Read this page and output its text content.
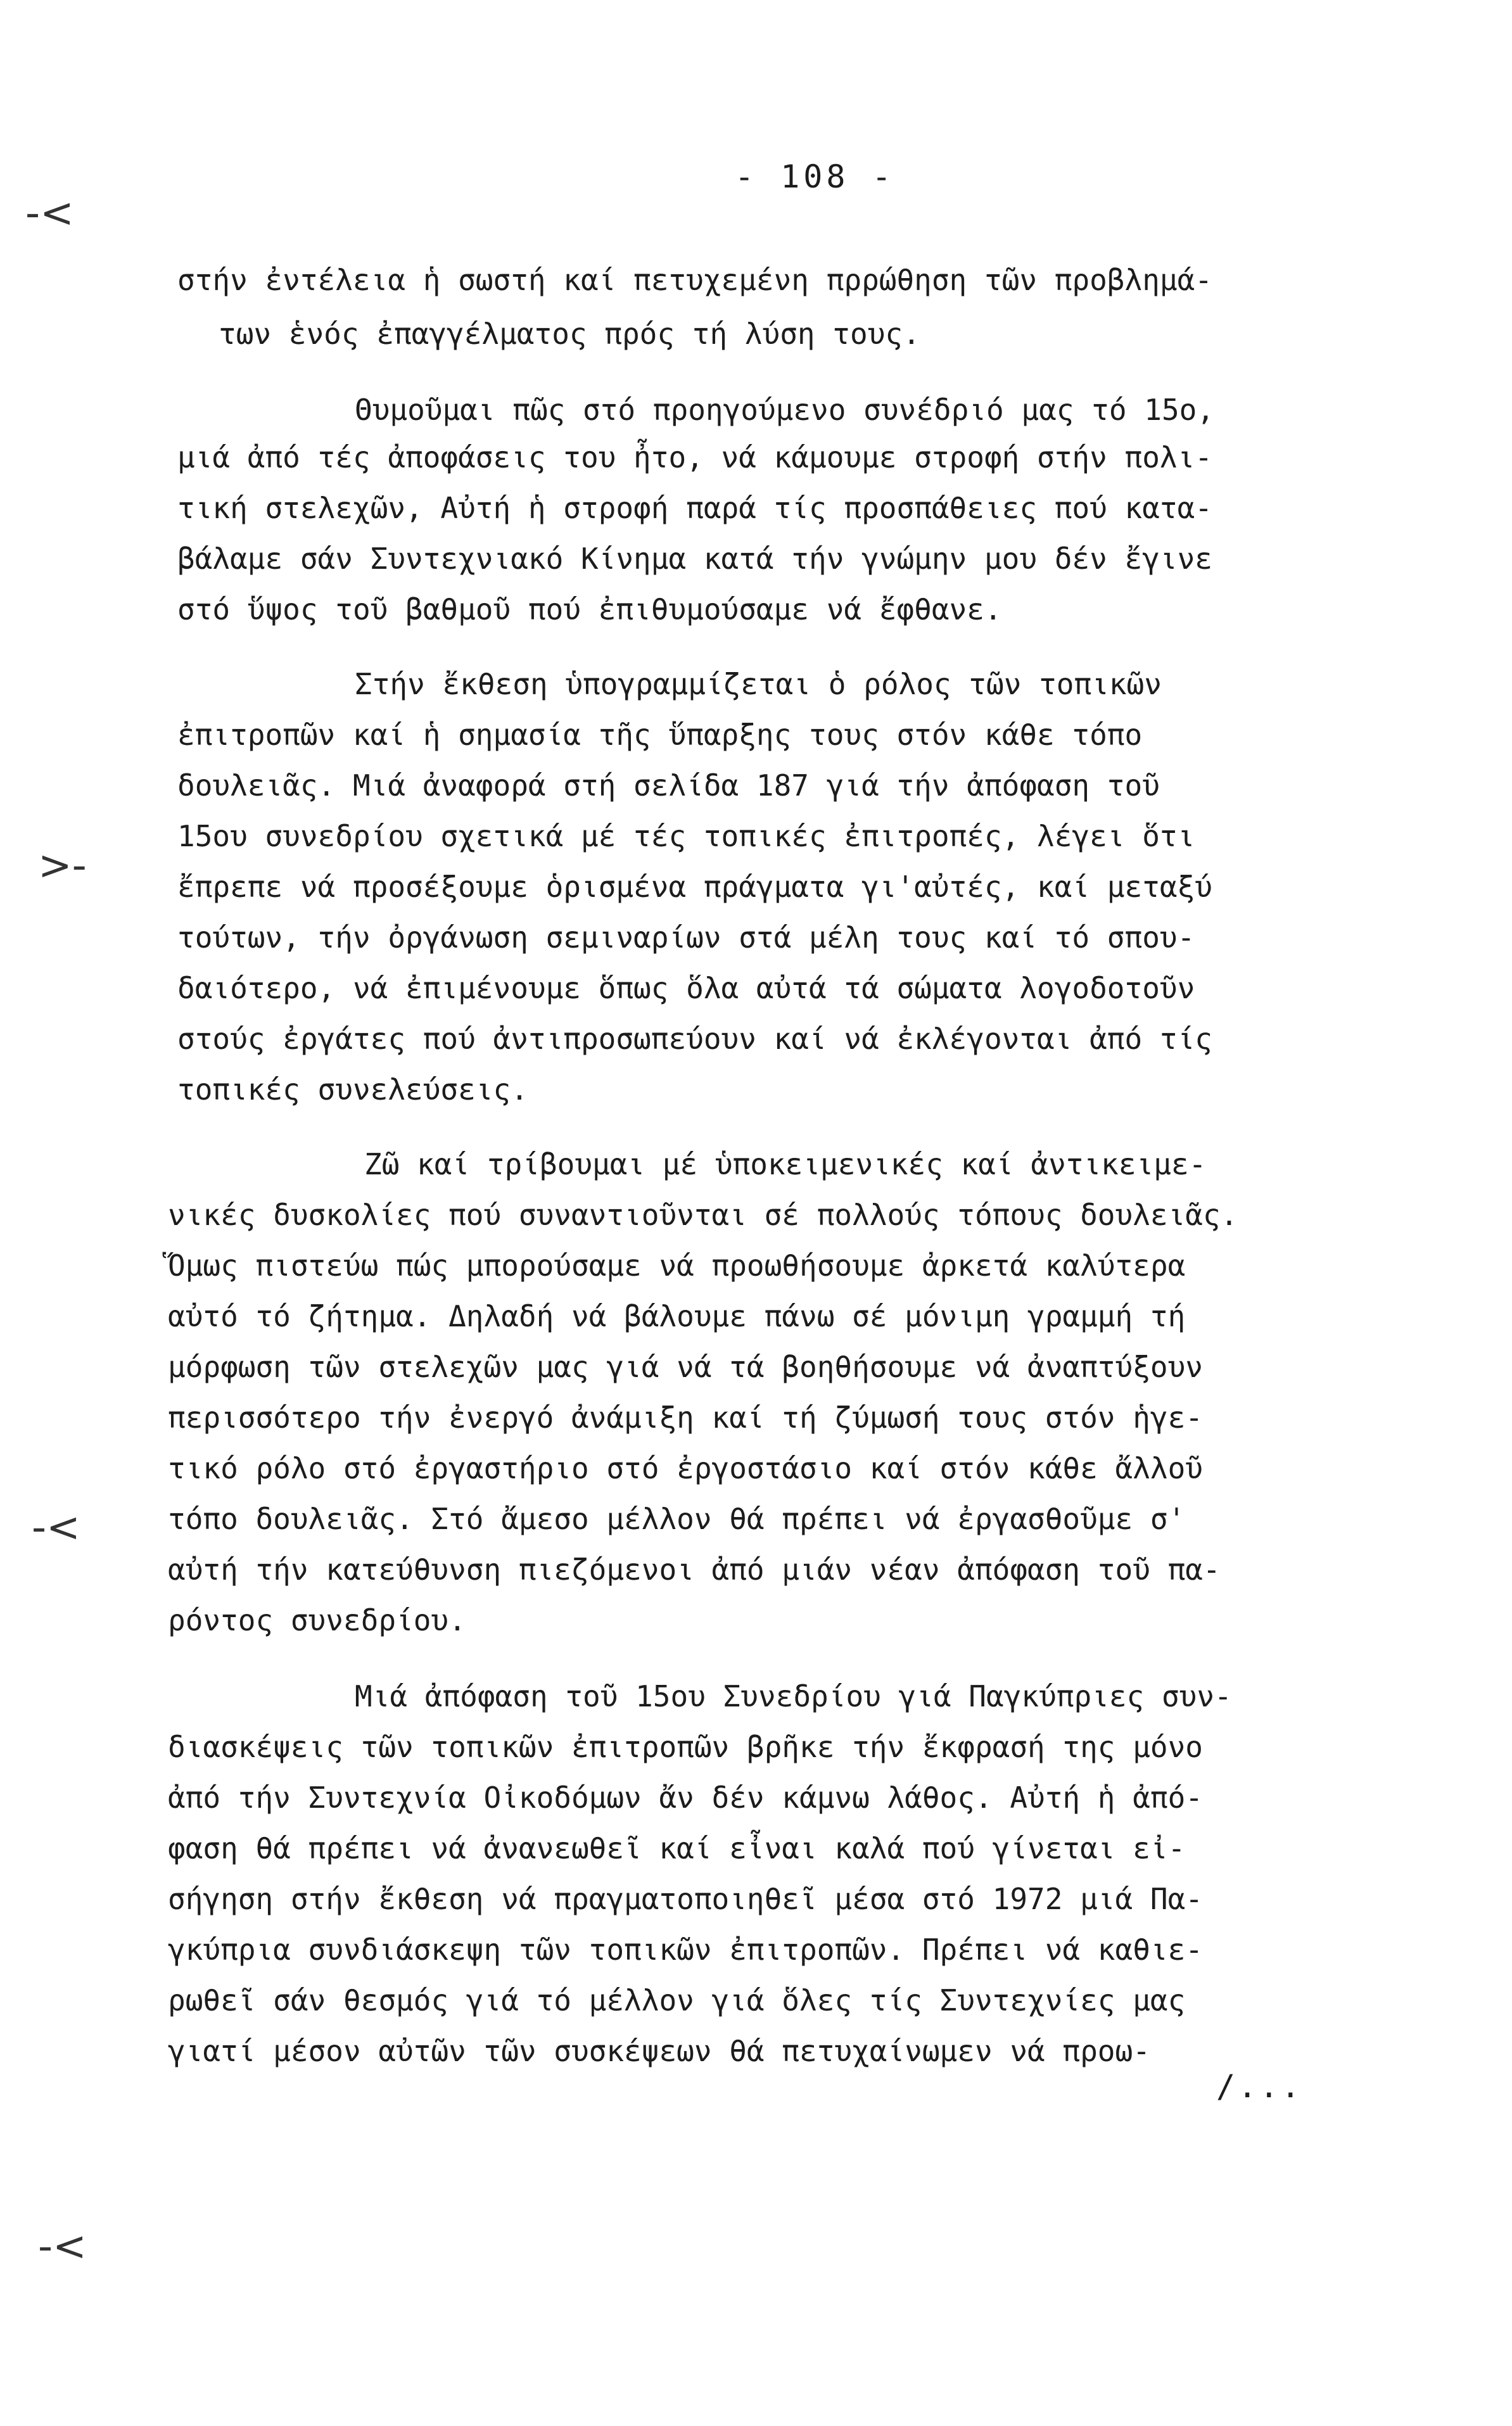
- 108 -
στήν ἐντέλεια ἡ σωστή καί πετυχεμένη πρρώθηση τῶν προβλημά-
των ἑνός ἐπαγγέλματος πρός τή λύση τους.
Θυμοῦμαι πῶς στό προηγούμενο συνέδριό μας τό 15ο,
μιά ἀπό τές ἀποφάσεις του ἦτο, νά κάμουμε στροφή στήν πολι-
τική στελεχῶν, Αὐτή ἡ στροφή παρά τίς προσπάθειες πού κατα-
βάλαμε σάν Συντεχνιακό Κίνημα κατά τήν γνώμην μου δέν ἔγινε
στό ὕψος τοῦ βαθμοῦ πού ἐπιθυμούσαμε νά ἔφθανε.
Στήν ἔκθεση ὑπογραμμίζεται ὁ ρόλος τῶν τοπικῶν
ἐπιτροπῶν καί ἡ σημασία τῆς ὕπαρξης τους στόν κάθε τόπο
δουλειᾶς. Μιά ἀναφορά στή σελίδα 187 γιά τήν ἀπόφαση τοῦ
15ου συνεδρίου σχετικά μέ τές τοπικές ἐπιτροπές, λέγει ὅτι
ἔπρεπε νά προσέξουμε ὁρισμένα πράγματα γι'αὐτές, καί μεταξύ
τούτων, τήν ὀργάνωση σεμιναρίων στά μέλη τους καί τό σπου-
δαιότερο, νά ἐπιμένουμε ὅπως ὅλα αὐτά τά σώματα λογοδοτοῦν
στούς ἐργάτες πού ἀντιπροσωπεύουν καί νά ἐκλέγονται ἀπό τίς
τοπικές συνελεύσεις.
Ζῶ καί τρίβουμαι μέ ὑποκειμενικές καί ἀντικειμε-
νικές δυσκολίες πού συναντιοῦνται σέ πολλούς τόπους δουλειᾶς.
Ὅμως πιστεύω πώς μπορούσαμε νά προωθήσουμε ἀρκετά καλύτερα
αὐτό τό ζήτημα. Δηλαδή νά βάλουμε πάνω σέ μόνιμη γραμμή τή
μόρφωση τῶν στελεχῶν μας γιά νά τά βοηθήσουμε νά ἀναπτύξουν
περισσότερο τήν ἐνεργό ἀνάμιξη καί τή ζύμωσή τους στόν ἡγε-
τικό ρόλο στό ἐργαστήριο στό ἐργοστάσιο καί στόν κάθε ἄλλοῦ
τόπο δουλειᾶς. Στό ἄμεσο μέλλον θά πρέπει νά ἐργασθοῦμε σ'
αὐτή τήν κατεύθυνση πιεζόμενοι ἀπό μιάν νέαν ἀπόφαση τοῦ πα-
ρόντος συνεδρίου.
Μιά ἀπόφαση τοῦ 15ου Συνεδρίου γιά Παγκύπριες συν-
διασκέψεις τῶν τοπικῶν ἐπιτροπῶν βρῆκε τήν ἔκφρασή της μόνο
ἀπό τήν Συντεχνία Οἰκοδόμων ἄν δέν κάμνω λάθος. Αὐτή ἡ ἀπό-
φαση θά πρέπει νά ἀνανεωθεῖ καί εἶναι καλά πού γίνεται εἰ-
σήγηση στήν ἔκθεση νά πραγματοποιηθεῖ μέσα στό 1972 μιά Πα-
γκύπρια συνδιάσκεψη τῶν τοπικῶν ἐπιτροπῶν. Πρέπει νά καθιε-
ρωθεῖ σάν θεσμός γιά τό μέλλον γιά ὅλες τίς Συντεχνίες μας
γιατί μέσον αὐτῶν τῶν συσκέψεων θά πετυχαίνωμεν νά προω-
-<
>-
-<
-<
/...
